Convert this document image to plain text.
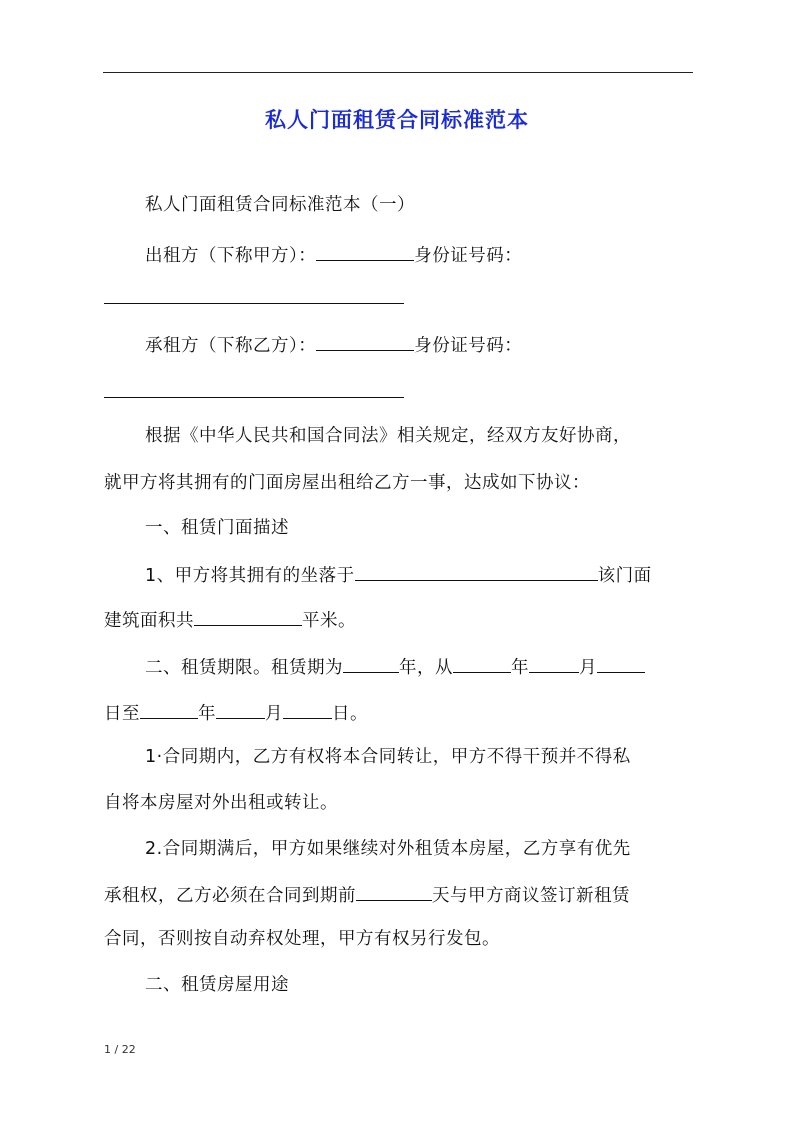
私人门面租赁合同标准范本
私人门面租赁合同标准范本（一）
出租方（下称甲方）：	身份证号码：
承租方（下称乙方）：	身份证号码：
根据《中华人民共和国合同法》相关规定，经双方友好协商，
就甲方将其拥有的门面房屋出租给乙方一事，达成如下协议：
一、租赁门面描述
1、甲方将其拥有的坐落于	该门面
建筑面积共	平米。
二、租赁期限。租赁期为	年，从	年	月
日至	年	月	日。
1·合同期内，乙方有权将本合同转让，甲方不得干预并不得私
自将本房屋对外出租或转让。
2.合同期满后，甲方如果继续对外租赁本房屋，乙方享有优先
承租权，乙方必须在合同到期前	天与甲方商议签订新租赁
合同，否则按自动弃权处理，甲方有权另行发包。
二、租赁房屋用途
1 / 22
